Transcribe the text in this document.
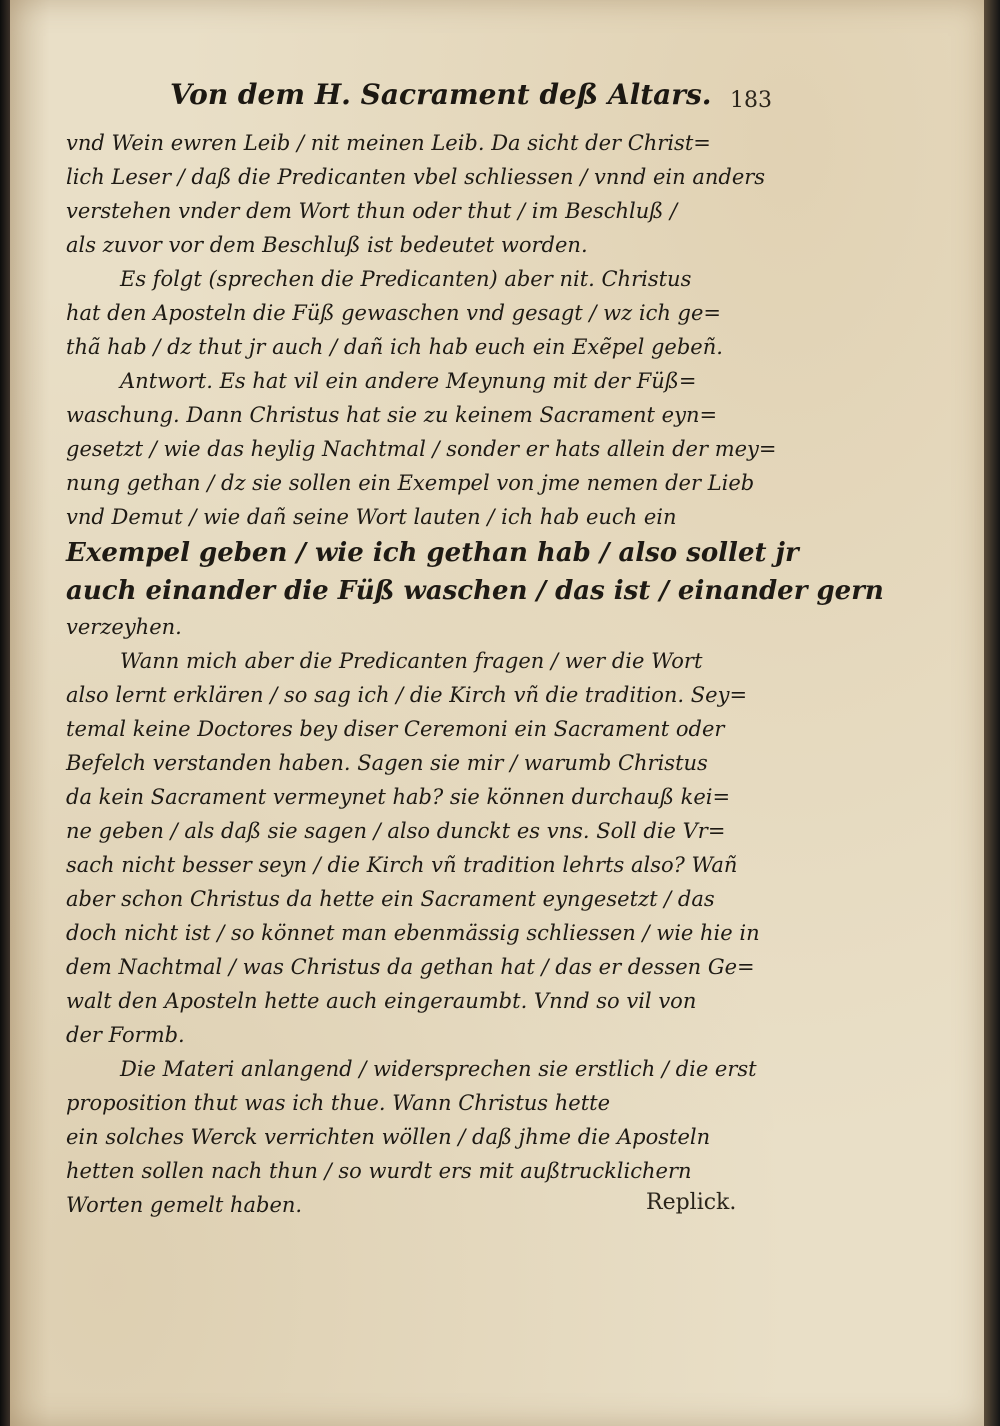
Von dem H. Sacrament deß Altars. 183
vnd Wein ewren Leib / nit meinen Leib. Da sicht der Christ=
lich Leser / daß die Predicanten vbel schliessen / vnnd ein anders
verstehen vnder dem Wort thun oder thut / im Beschluß /
als zuvor vor dem Beschluß ist bedeutet worden.
Es folgt (sprechen die Predicanten) aber nit. Christus
hat den Aposteln die Füß gewaschen vnd gesagt / wz ich ge=
thã hab / dz thut jr auch / dañ ich hab euch ein Exẽpel gebeñ.
Antwort. Es hat vil ein andere Meynung mit der Füß=
waschung. Dann Christus hat sie zu keinem Sacrament eyn=
gesetzt / wie das heylig Nachtmal / sonder er hats allein der mey=
nung gethan / dz sie sollen ein Exempel von jme nemen der Lieb
vnd Demut / wie dañ seine Wort lauten / ich hab euch ein
Exempel geben / wie ich gethan hab / also sollet jr
auch einander die Füß waschen / das ist / einander gern
verzeyhen.
Wann mich aber die Predicanten fragen / wer die Wort
also lernt erklären / so sag ich / die Kirch vñ die tradition. Sey=
temal keine Doctores bey diser Ceremoni ein Sacrament oder
Befelch verstanden haben. Sagen sie mir / warumb Christus
da kein Sacrament vermeynet hab? sie können durchauß kei=
ne geben / als daß sie sagen / also dunckt es vns. Soll die Vr=
sach nicht besser seyn / die Kirch vñ tradition lehrts also? Wañ
aber schon Christus da hette ein Sacrament eyngesetzt / das
doch nicht ist / so könnet man ebenmässig schliessen / wie hie in
dem Nachtmal / was Christus da gethan hat / das er dessen Ge=
walt den Aposteln hette auch eingeraumbt. Vnnd so vil von
der Formb.
Die Materi anlangend / widersprechen sie erstlich / die erst
proposition thut was ich thue. Wann Christus hette
ein solches Werck verrichten wöllen / daß jhme die Aposteln
hetten sollen nach thun / so wurdt ers mit außtrucklichern
Worten gemelt haben.	Replick.
